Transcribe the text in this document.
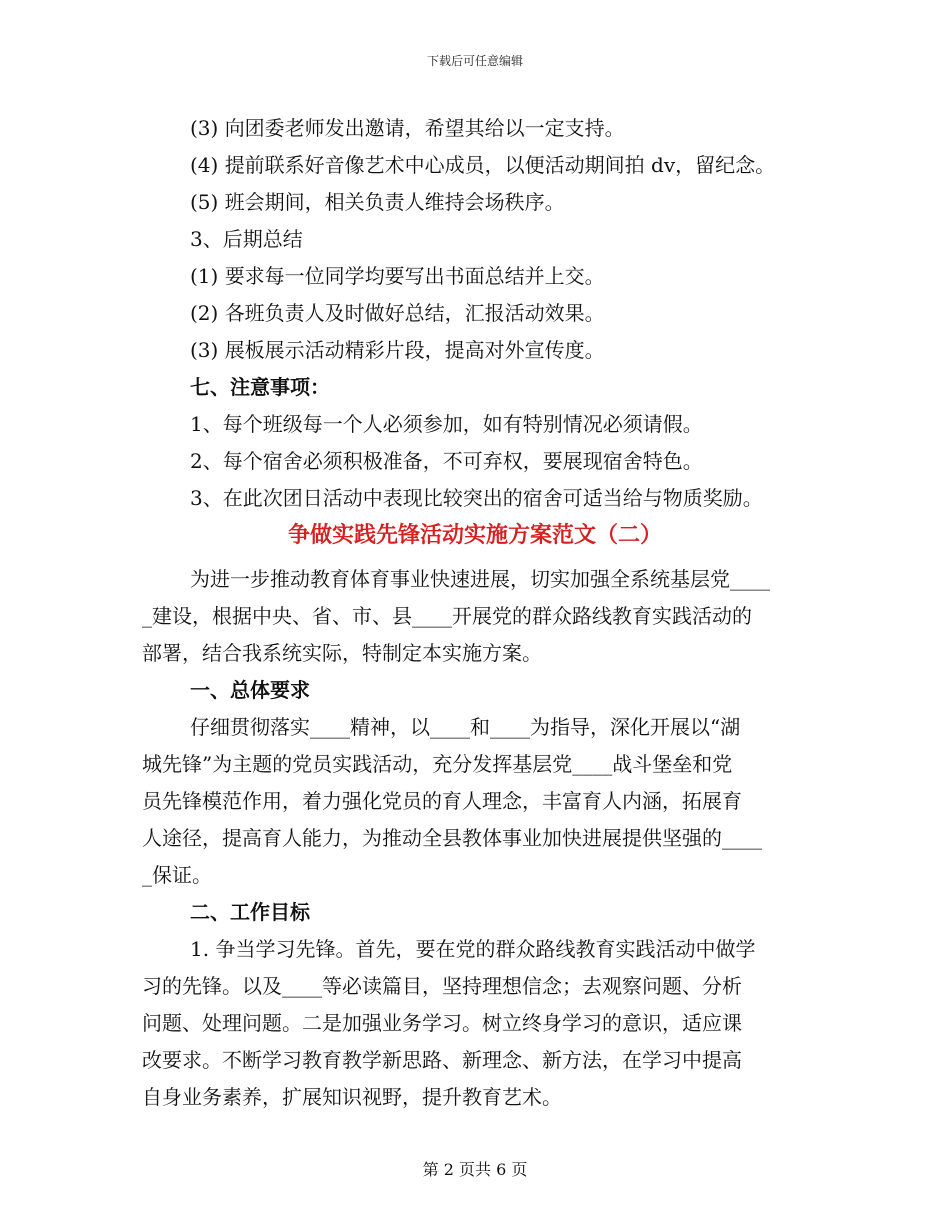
下载后可任意编辑
(3) 向团委老师发出邀请，希望其给以一定支持。
(4) 提前联系好音像艺术中心成员，以便活动期间拍 dv，留纪念。
(5) 班会期间，相关负责人维持会场秩序。
3、后期总结
(1) 要求每一位同学均要写出书面总结并上交。
(2) 各班负责人及时做好总结，汇报活动效果。
(3) 展板展示活动精彩片段，提高对外宣传度。
七、注意事项：
1、每个班级每一个人必须参加，如有特别情况必须请假。
2、每个宿舍必须积极准备，不可弃权，要展现宿舍特色。
3、在此次团日活动中表现比较突出的宿舍可适当给与物质奖励。
争做实践先锋活动实施方案范文（二）
为进一步推动教育体育事业快速进展，切实加强全系统基层党____
_建设，根据中央、省、市、县____开展党的群众路线教育实践活动的
部署，结合我系统实际，特制定本实施方案。
一、总体要求
仔细贯彻落实____精神，以____和____为指导，深化开展以“湖
城先锋”为主题的党员实践活动，充分发挥基层党____战斗堡垒和党
员先锋模范作用，着力强化党员的育人理念，丰富育人内涵，拓展育
人途径，提高育人能力，为推动全县教体事业加快进展提供坚强的____
_保证。
二、工作目标
1. 争当学习先锋。首先，要在党的群众路线教育实践活动中做学
习的先锋。以及____等必读篇目，坚持理想信念；去观察问题、分析
问题、处理问题。二是加强业务学习。树立终身学习的意识，适应课
改要求。不断学习教育教学新思路、新理念、新方法，在学习中提高
自身业务素养，扩展知识视野，提升教育艺术。
第 2 页共 6 页
